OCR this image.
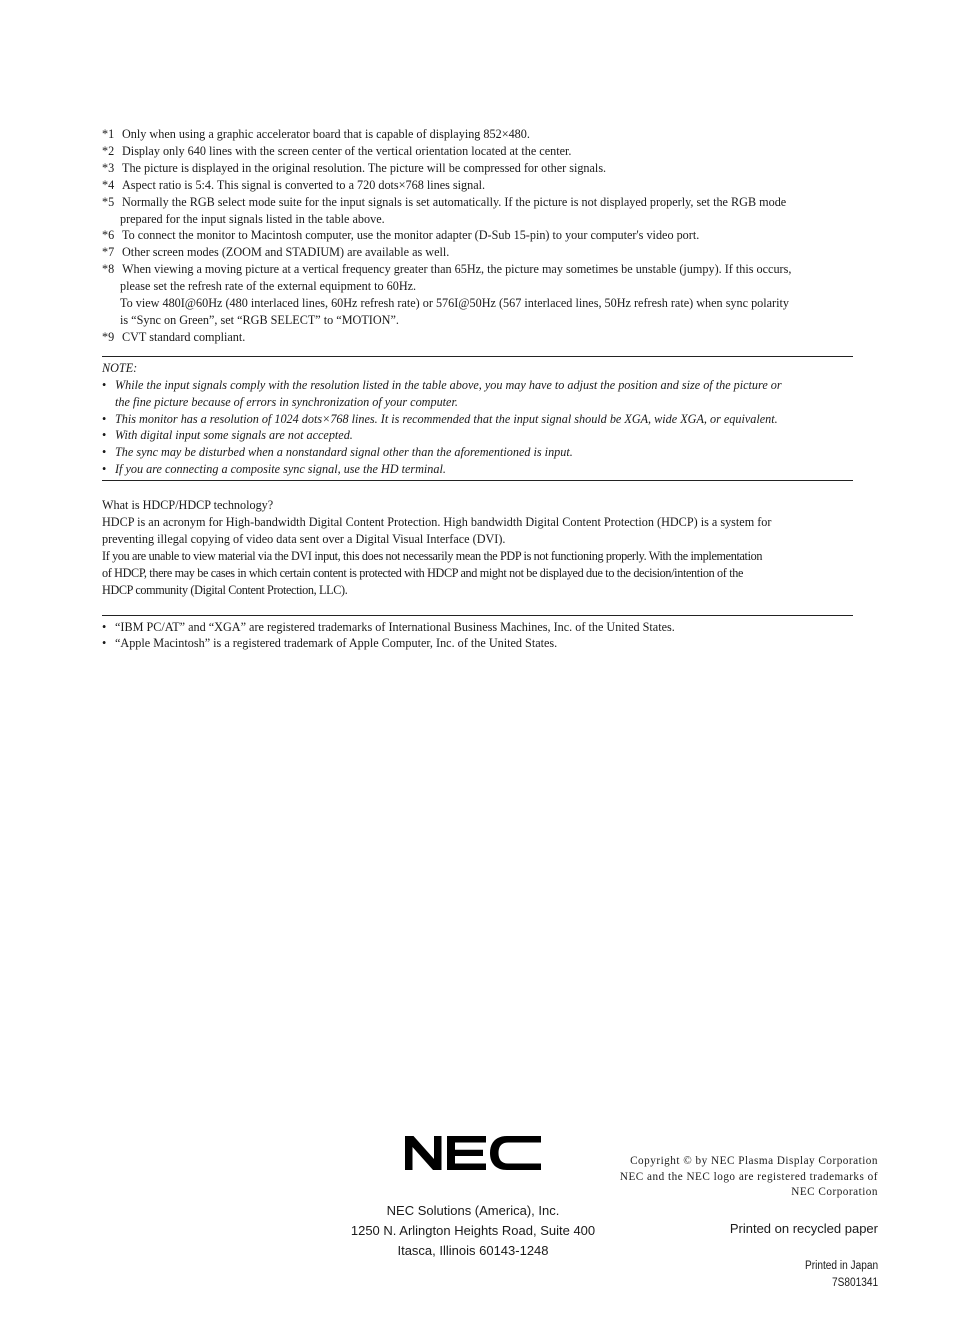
*1 Only when using a graphic accelerator board that is capable of displaying 852×480.
*2 Display only 640 lines with the screen center of the vertical orientation located at the center.
*3 The picture is displayed in the original resolution. The picture will be compressed for other signals.
*4 Aspect ratio is 5:4. This signal is converted to a 720 dots×768 lines signal.
*5 Normally the RGB select mode suite for the input signals is set automatically. If the picture is not displayed properly, set the RGB mode
prepared for the input signals listed in the table above.
*6 To connect the monitor to Macintosh computer, use the monitor adapter (D-Sub 15-pin) to your computer's video port.
*7 Other screen modes (ZOOM and STADIUM) are available as well.
*8 When viewing a moving picture at a vertical frequency greater than 65Hz, the picture may sometimes be unstable (jumpy). If this occurs,
please set the refresh rate of the external equipment to 60Hz.
To view 480I@60Hz (480 interlaced lines, 60Hz refresh rate) or 576I@50Hz (567 interlaced lines, 50Hz refresh rate) when sync polarity
is “Sync on Green”, set “RGB SELECT” to “MOTION”.
*9 CVT standard compliant.
NOTE:
• While the input signals comply with the resolution listed in the table above, you may have to adjust the position and size of the picture or
the fine picture because of errors in synchronization of your computer.
• This monitor has a resolution of 1024 dots×768 lines. It is recommended that the input signal should be XGA, wide XGA, or equivalent.
• With digital input some signals are not accepted.
• The sync may be disturbed when a nonstandard signal other than the aforementioned is input.
• If you are connecting a composite sync signal, use the HD terminal.
What is HDCP/HDCP technology?
HDCP is an acronym for High-bandwidth Digital Content Protection. High bandwidth Digital Content Protection (HDCP) is a system for
preventing illegal copying of video data sent over a Digital Visual Interface (DVI).
If you are unable to view material via the DVI input, this does not necessarily mean the PDP is not functioning properly. With the implementation
of HDCP, there may be cases in which certain content is protected with HDCP and might not be displayed due to the decision/intention of the
HDCP community (Digital Content Protection, LLC).
• “IBM PC/AT” and “XGA” are registered trademarks of International Business Machines, Inc. of the United States.
• “Apple Macintosh” is a registered trademark of Apple Computer, Inc. of the United States.
Copyright © by NEC Plasma Display Corporation
NEC and the NEC logo are registered trademarks of
NEC Corporation
NEC Solutions (America), Inc.
1250 N. Arlington Heights Road, Suite 400
Itasca, Illinois 60143-1248
Printed on recycled paper
Printed in Japan
7S801341
